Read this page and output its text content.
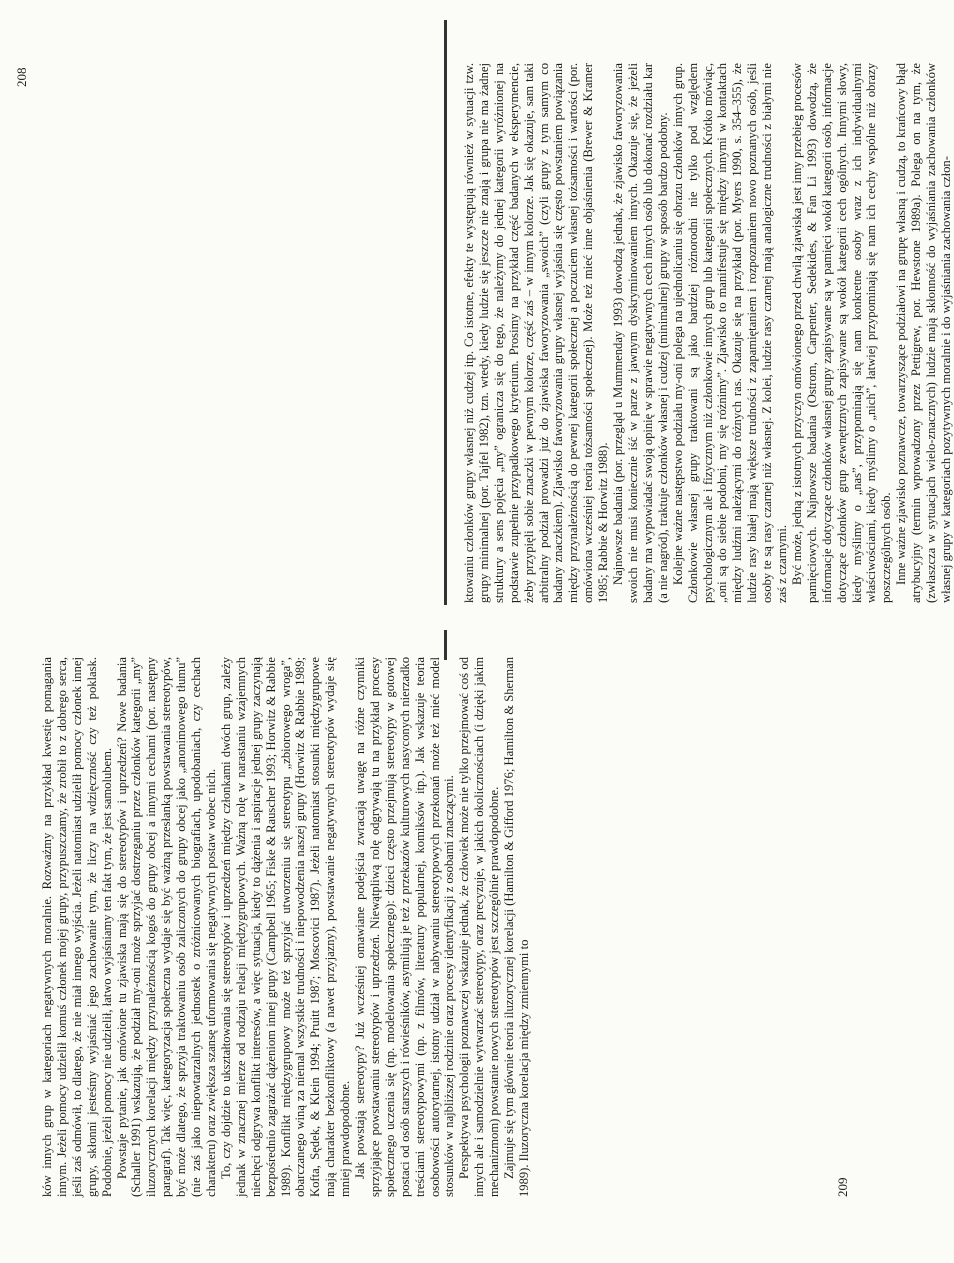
ktowaniu członków grupy własnej niż cudzej itp. Co istotne, efekty te występują również w sytuacji tzw. grupy minimalnej (por. Tajfel 1982), tzn. wtedy, kiedy ludzie się jeszcze nie znają i grupa nie ma żadnej struktury a sens pojęcia „my” ogranicza się do tego, że należymy do jednej kategorii wyróżnionej na podstawie zupełnie przypadkowego kryterium. Prosimy na przykład część badanych w eksperymencie, żeby przypięli sobie znaczki w pewnym kolorze, część zaś – w innym kolorze. Jak się okazuje, sam taki arbitralny podział prowadzi już do zjawiska faworyzowania „swoich” (czyli grupy z tym samym co badany znaczkiem). Zjawisko faworyzowania grupy własnej wyjaśnia się często powstaniem powiązania między przynależnością do pewnej kategorii społecznej a poczuciem własnej tożsamości i wartości (por. omówiona wcześniej teoria tożsamości społecznej). Może też mieć inne objaśnienia (Brewer & Kramer 1985; Rabbie & Horwitz 1988). Najnowsze badania (por. przegląd u Mummenday 1993) dowodzą jednak, że zjawisko faworyzowania swoich nie musi koniecznie iść w parze z jawnym dyskryminowaniem innych. Okazuje się, że jeżeli badany ma wypowiadać swoją opinię w sprawie negatywnych cech innych osób lub dokonać rozdziału kar (a nie nagród), traktuje członków własnej i cudzej (minimalnej) grupy w sposób bardzo podobny. Kolejne ważne następstwo podziału my-oni polega na ujednolicaniu się obrazu członków innych grup. Członkowie własnej grupy traktowani są jako bardziej różnorodni nie tylko pod względem psychologicznym ale i fizycznym niż członkowie innych grup lub kategorii społecznych. Krótko mówiąc, „oni są do siebie podobni, my się różnimy”. Zjawisko to manifestuje się między innymi w kontaktach między ludźmi należącymi do różnych ras. Okazuje się na przykład (por. Myers 1990, s. 354–355), że ludzie rasy białej mają większe trudności z zapamiętaniem i rozpoznaniem nowo poznanych osób, jeśli osoby te są rasy czarnej niż własnej. Z kolei, ludzie rasy czarnej mają analogiczne trudności z białymi nie zaś z czarnymi. Być może, jedną z istotnych przyczyn omówionego przed chwilą zjawiska jest inny przebieg procesów pamięciowych. Najnowsze badania (Ostrom, Carpenter, Sedekides, & Fan Li 1993) dowodzą, że informacje dotyczące członków własnej grupy zapisywane są w pamięci wokół kategorii osób, informacje dotyczące członków grup zewnętrznych zapisywane są wokół kategorii cech ogólnych. Innymi słowy, kiedy myślimy o „nas”, przypominają się nam konkretne osoby wraz z ich indywidualnymi właściwościami, kiedy myślimy o „nich”, łatwiej przypominają się nam ich cechy wspólne niż obrazy poszczególnych osób. Inne ważne zjawisko poznawcze, towarzyszące podziałowi na grupę własną i cudzą, to krańcowy błąd atrybucyjny (termin wprowadzony przez Pettigrew, por. Hewstone 1989a). Polega on na tym, że (zwłaszcza w sytuacjach wielo-znacznych) ludzie mają skłonność do wyjaśniania zachowania członków własnej grupy w kategoriach pozytywnych moralnie i do wyjaśniania zachowania człon-

208

ków innych grup w kategoriach negatywnych moralnie. Rozważmy na przykład kwestię pomagania innym. Jeżeli pomocy udzielił komuś członek mojej grupy, przypuszczamy, że zrobił to z dobrego serca, jeśli zaś odmówił, to dlatego, że nie miał innego wyjścia. Jeżeli natomiast udzielił pomocy członek innej grupy, skłonni jesteśmy wyjaśniać jego zachowanie tym, że liczy na wdzięczność czy też poklask. Podobnie, jeżeli pomocy nie udzielił, łatwo wyjaśniamy ten fakt tym, że jest samolubem. Powstaje pytanie, jak omówione tu zjawiska mają się do stereotypów i uprzedzeń? Nowe badania (Schaller 1991) wskazują, że podział my-oni może sprzyjać dostrzeganiu przez członków kategorii „my” iluzorycznych korelacji między przynależnością kogoś do grupy obcej a innymi cechami (por. następny paragraf). Tak więc, kategoryzacja społeczna wydaje się być ważną przesłanką powstawania stereotypów, być może dlatego, że sprzyja traktowaniu osób zaliczonych do grupy obcej jako „anonimowego tłumu” (nie zaś jako niepowtarzalnych jednostek o zróżnicowanych biografiach, upodobaniach, czy cechach charakteru) oraz zwiększa szansę uformowania się negatywnych postaw wobec nich. To, czy dojdzie to ukształtowania się stereotypów i uprzedzeń między członkami dwóch grup, zależy jednak w znacznej mierze od rodzaju relacji międzygrupowych. Ważną rolę w narastaniu wzajemnych niechęci odgrywa konflikt interesów, a więc sytuacja, kiedy to dążenia i aspiracje jednej grupy zaczynają bezpośrednio zagrażać dążeniom innej grupy (Campbell 1965; Fiske & Rauscher 1993; Horwitz & Rabbie 1989). Konflikt międzygrupowy może też sprzyjać utworzeniu się stereotypu „zbiorowego wroga”, obarczanego winą za niemal wszystkie trudności i niepowodzenia naszej grupy (Horwitz & Rabbie 1989; Kofta, Sędek, & Klein 1994; Pruitt 1987; Moscovici 1987). Jeżeli natomiast stosunki międzygrupowe mają charakter bezkonfliktowy (a nawet przyjazny), powstawanie negatywnych stereotypów wydaje się mniej prawdopodobne. Jak powstają stereotypy? Już wcześniej omawiane podejścia zwracają uwagę na różne czynniki sprzyjające powstawaniu stereotypów i uprzedzeń. Niewątpliwą rolę odgrywają tu na przykład procesy społecznego uczenia się (np. modelowania społecznego): dzieci często przejmują stereotypy w gotowej postaci od osób starszych i rówieśników, asymilują je też z przekazów kulturowych nasyconych nierzadko treściami stereotypowymi (np. z filmów, literatury popularnej, komiksów itp.). Jak wskazuje teoria osobowości autorytarnej, istotny udział w nabywaniu stereotypowych przekonań może też mieć model stosunków w najbliższej rodzinie oraz procesy identyfikacji z osobami znaczącymi. Perspektywa psychologii poznawczej wskazuje jednak, że człowiek może nie tylko przejmować coś od innych ale i samodzielnie wytwarzać stereotypy, oraz precyzuje, w jakich okolicznościach (i dzięki jakim mechanizmom) powstanie nowych stereotypów jest szczególnie prawdopodobne. Zajmuje się tym głównie teoria iluzorycznej korelacji (Hamilton & Gifford 1976; Hamilton & Sherman 1989). Iluzoryczna korelacja między zmiennymi to	209
